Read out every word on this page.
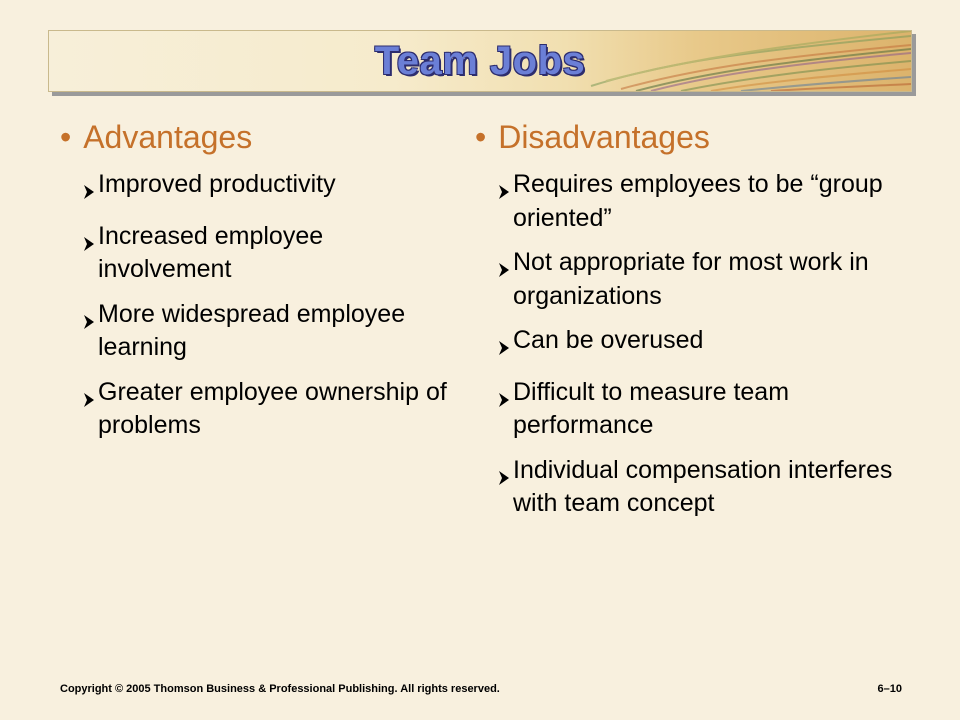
Team Jobs
• Advantages
Improved productivity
Increased employee involvement
More widespread employee learning
Greater employee ownership of problems
• Disadvantages
Requires employees to be “group oriented”
Not appropriate for most work in organizations
Can be overused
Difficult to measure team performance
Individual compensation interferes with team concept
Copyright © 2005 Thomson Business & Professional Publishing. All rights reserved.	6–10
